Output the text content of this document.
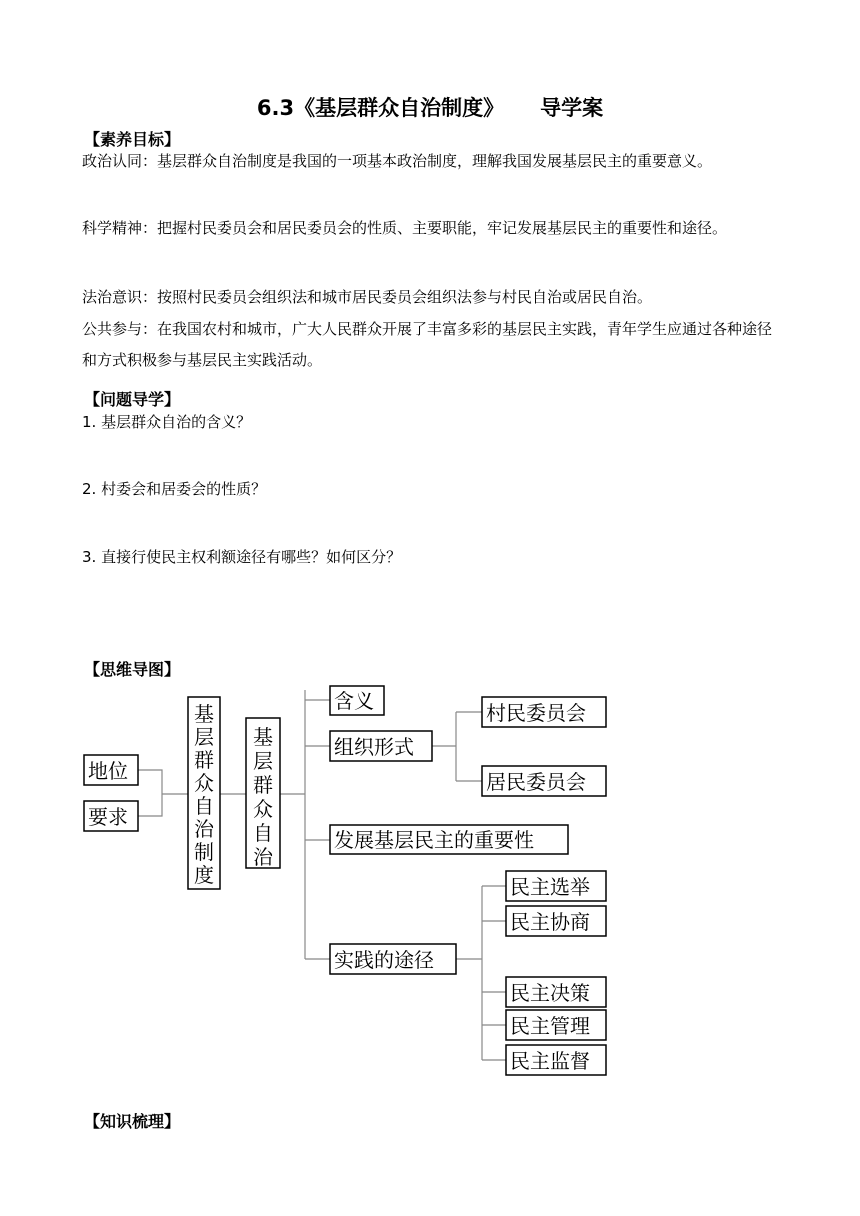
6.3《基层群众自治制度》 导学案
【素养目标】
政治认同：基层群众自治制度是我国的一项基本政治制度，理解我国发展基层民主的重要意义。
科学精神：把握村民委员会和居民委员会的性质、主要职能，牢记发展基层民主的重要性和途径。
法治意识：按照村民委员会组织法和城市居民委员会组织法参与村民自治或居民自治。
公共参与：在我国农村和城市，广大人民群众开展了丰富多彩的基层民主实践，青年学生应通过各种途径和方式积极参与基层民主实践活动。
【问题导学】
1. 基层群众自治的含义？
2. 村委会和居委会的性质？
3. 直接行使民主权利额途径有哪些？如何区分？
【思维导图】
地位
要求
基层群众自治制度
基层群众自治
含义
组织形式
发展基层民主的重要性
实践的途径
村民委员会
居民委员会
民主选举
民主协商
民主决策
民主管理
民主监督
【知识梳理】
